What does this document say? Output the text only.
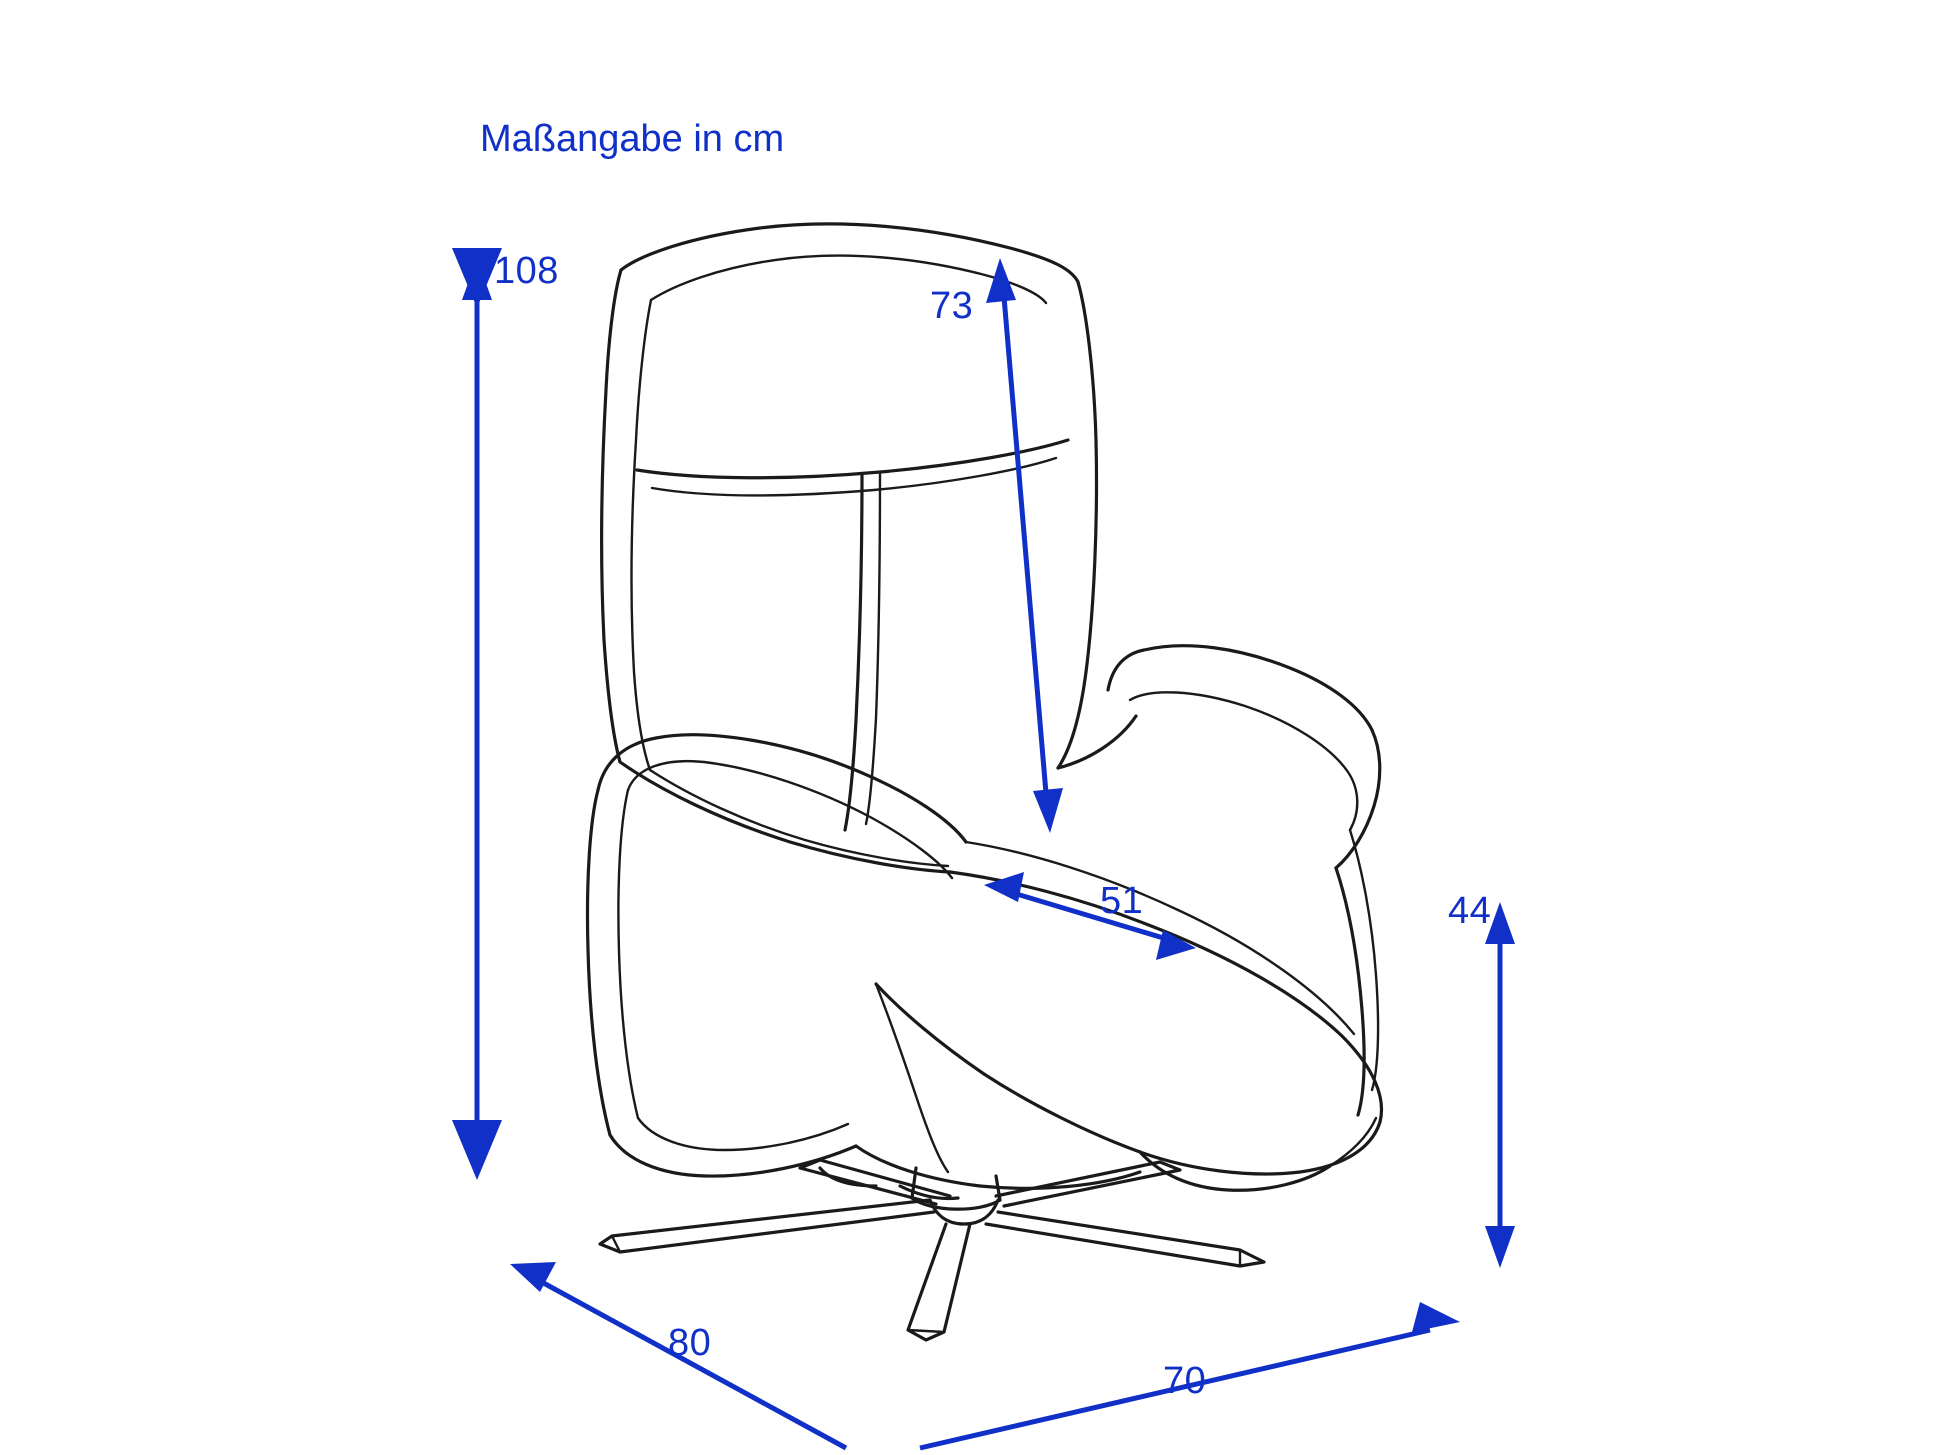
Maßangabe in cm
108
73
51	44
80
70
